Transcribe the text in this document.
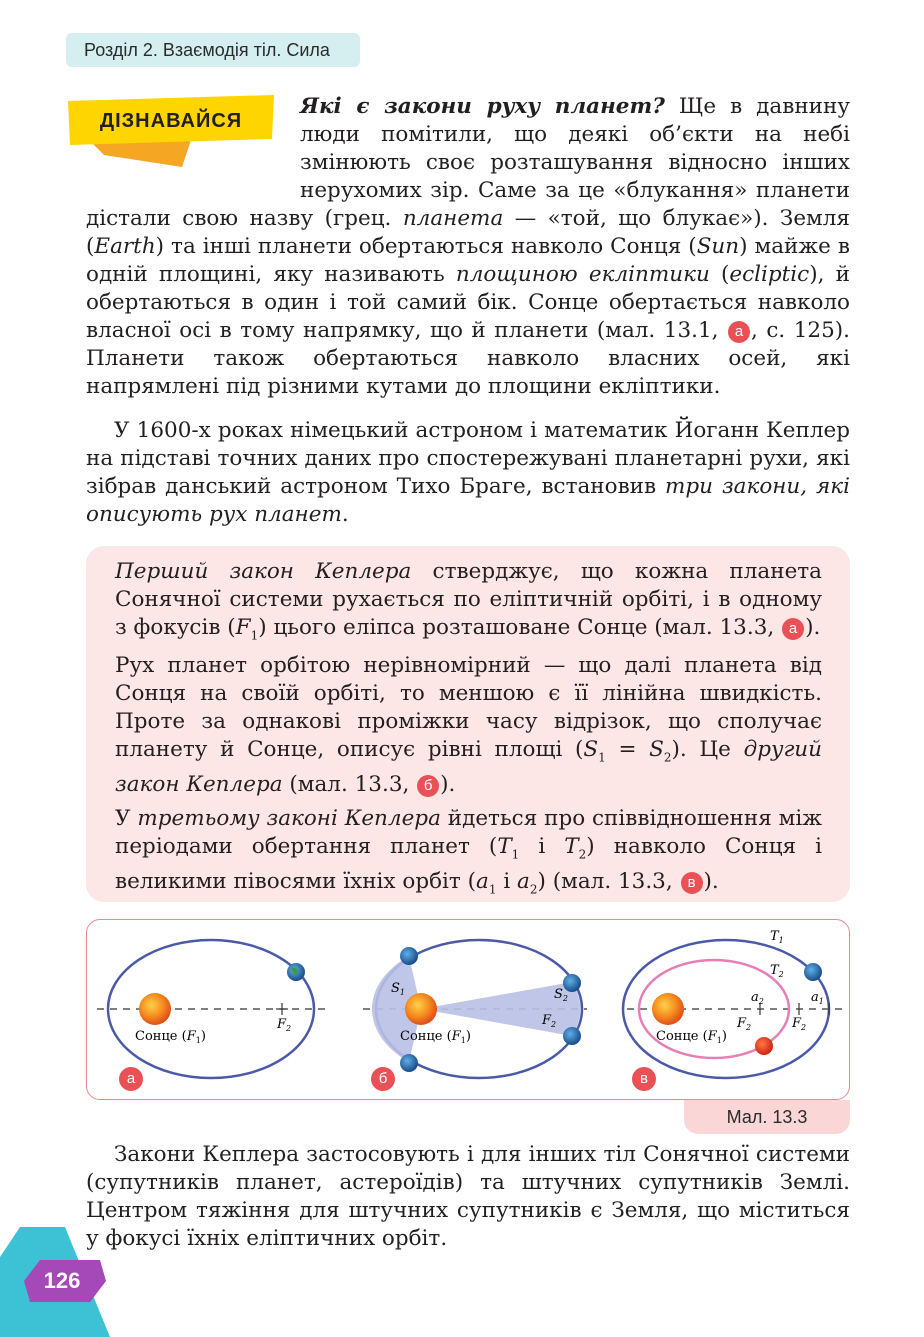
Розділ 2. Взаємодія тіл. Сила
ДІЗНАВАЙСЯ

Які є закони руху планет? Ще в давнину люди помітили, що деякі об’єкти на небі змінюють своє розташування відносно інших нерухомих зір. Саме за це «блукання» планети дістали свою назву (грец. планета — «той, що блукає»). Земля (Earth) та інші планети обертаються навколо Сонця (Sun) майже в одній площині, яку називають площиною екліптики (ecliptic), й обертаються в один і той самий бік. Сонце обертається навколо власної осі в тому напрямку, що й планети (мал. 13.1, а , с. 125). Планети також обертаються навколо власних осей, які напрямлені під різними кутами до площини екліптики.

У 1600-х роках німецький астроном і математик Йоганн Кеплер на підставі точних даних про спостережувані планетарні рухи, які зібрав данський астроном Тихо Браге, встановив три закони, які описують рух планет.

Перший закон Кеплера стверджує, що кожна планета Сонячної системи рухається по еліптичній орбіті, і в одному з фокусів $(F_1)$ цього еліпса розташоване Сонце (мал. 13.3, а ).

Рух планет орбітою нерівномірний — що далі планета від Сонця на своїй орбіті, то меншою є її лінійна швидкість. Проте за однакові проміжки часу відрізок, що сполучає планету й Сонце, описує рівні площі $(S_1 = S_2)$. Це другий закон Кеплера (мал. 13.3, б ).

У третьому законі Кеплера йдеться про співвідношення між періодами обертання планет ($T_1$ і $T_2$) навколо Сонця і великими півосями їхніх орбіт ($a_1$ і $a_2$) (мал. 13.3, в ).

$F_2$
Сонце $(F_1)$
$S_1$	$S_2$
$F_2$
Сонце $(F_1)$
$T_1$
$T_2$
$a_2$	$a_1$
$F_2$	$F_2$
Сонце $(F_1)$
а	б	в
Мал. 13.3

Закони Кеплера застосовують і для інших тіл Сонячної системи (супутників планет, астероїдів) та штучних супутників Землі. Центром тяжіння для штучних супутників є Земля, що міститься у фокусі їхніх еліптичних орбіт.

126
